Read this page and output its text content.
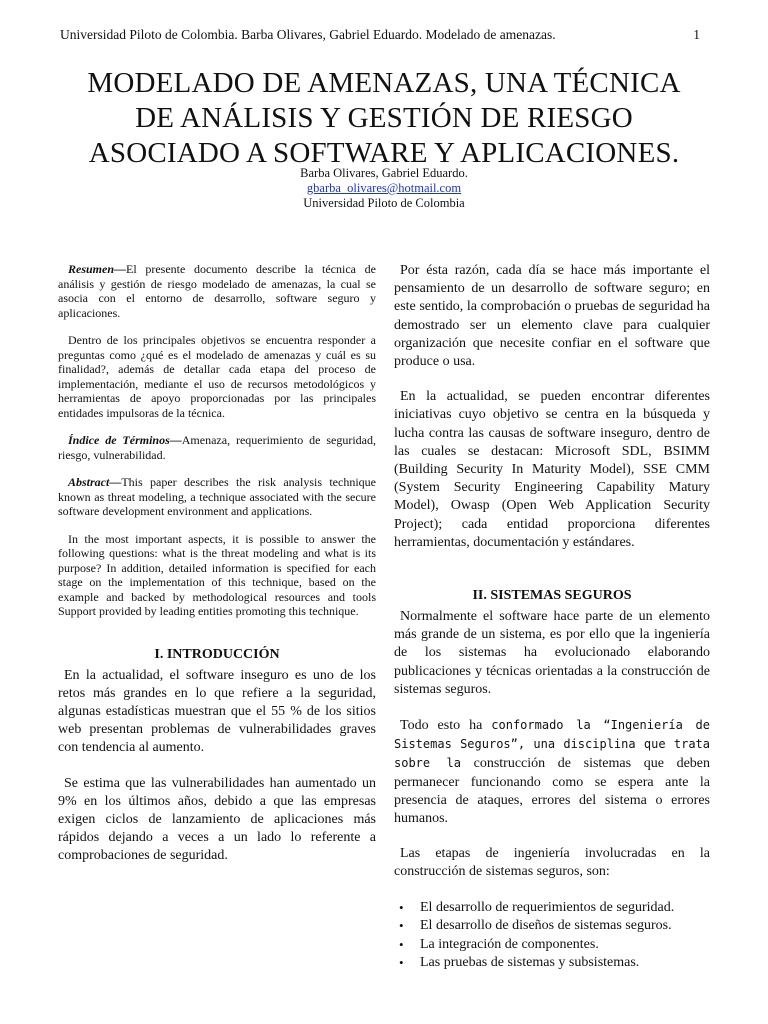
Universidad Piloto de Colombia. Barba Olivares, Gabriel Eduardo. Modelado de amenazas.	1
MODELADO DE AMENAZAS, UNA TÉCNICA
DE ANÁLISIS Y GESTIÓN DE RIESGO
ASOCIADO A SOFTWARE Y APLICACIONES.
Barba Olivares, Gabriel Eduardo.
gbarba_olivares@hotmail.com
Universidad Piloto de Colombia

Resumen—El presente documento describe la técnica de análisis y gestión de riesgo modelado de amenazas, la cual se asocia con el entorno de desarrollo, software seguro y aplicaciones.

Dentro de los principales objetivos se encuentra responder a preguntas como ¿qué es el modelado de amenazas y cuál es su finalidad?, además de detallar cada etapa del proceso de implementación, mediante el uso de recursos metodológicos y herramientas de apoyo proporcionadas por las principales entidades impulsoras de la técnica.

Índice de Términos—Amenaza, requerimiento de seguridad, riesgo, vulnerabilidad.

Abstract—This paper describes the risk analysis technique known as threat modeling, a technique associated with the secure software development environment and applications.

In the most important aspects, it is possible to answer the following questions: what is the threat modeling and what is its purpose? In addition, detailed information is specified for each stage on the implementation of this technique, based on the example and backed by methodological resources and tools Support provided by leading entities promoting this technique.

I. INTRODUCCIÓN

En la actualidad, el software inseguro es uno de los retos más grandes en lo que refiere a la seguridad, algunas estadísticas muestran que el 55 % de los sitios web presentan problemas de vulnerabilidades graves con tendencia al aumento.

Se estima que las vulnerabilidades han aumentado un 9% en los últimos años, debido a que las empresas exigen ciclos de lanzamiento de aplicaciones más rápidos dejando a veces a un lado lo referente a comprobaciones de seguridad.

Por ésta razón, cada día se hace más importante el pensamiento de un desarrollo de software seguro; en este sentido, la comprobación o pruebas de seguridad ha demostrado ser un elemento clave para cualquier organización que necesite confiar en el software que produce o usa.

En la actualidad, se pueden encontrar diferentes iniciativas cuyo objetivo se centra en la búsqueda y lucha contra las causas de software inseguro, dentro de las cuales se destacan: Microsoft SDL, BSIMM (Building Security In Maturity Model), SSE CMM (System Security Engineering Capability Matury Model), Owasp (Open Web Application Security Project); cada entidad proporciona diferentes herramientas, documentación y estándares.

II. SISTEMAS SEGUROS

Normalmente el software hace parte de un elemento más grande de un sistema, es por ello que la ingeniería de los sistemas ha evolucionado elaborando publicaciones y técnicas orientadas a la construcción de sistemas seguros.

Todo esto ha conformado la “Ingeniería de Sistemas Seguros”, una disciplina que trata sobre la construcción de sistemas que deben permanecer funcionando como se espera ante la presencia de ataques, errores del sistema o errores humanos.

Las etapas de ingeniería involucradas en la construcción de sistemas seguros, son:

• El desarrollo de requerimientos de seguridad.
• El desarrollo de diseños de sistemas seguros.
• La integración de componentes.
• Las pruebas de sistemas y subsistemas.
